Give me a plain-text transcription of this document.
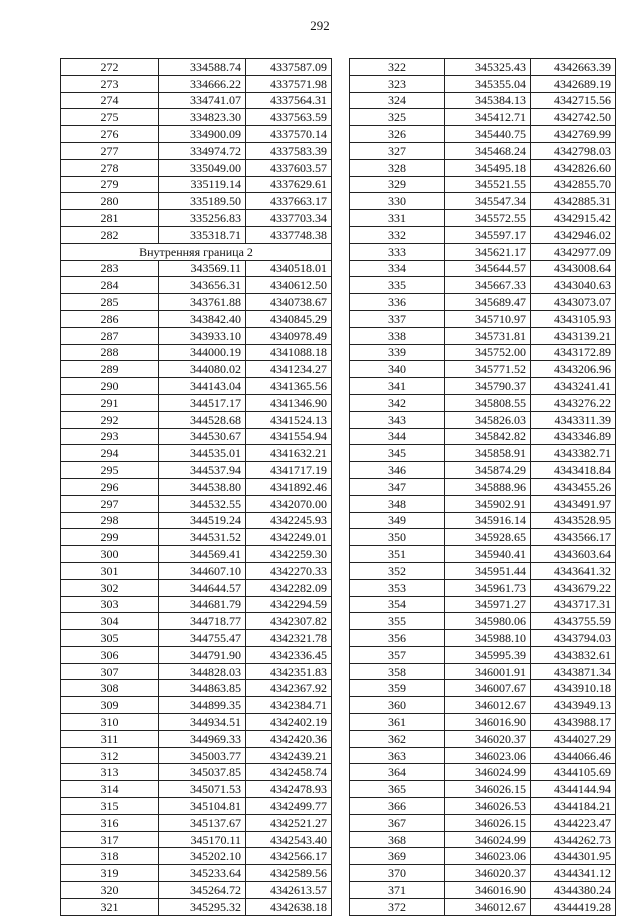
292
272	334588.74	4337587.09
273	334666.22	4337571.98
274	334741.07	4337564.31
275	334823.30	4337563.59
276	334900.09	4337570.14
277	334974.72	4337583.39
278	335049.00	4337603.57
279	335119.14	4337629.61
280	335189.50	4337663.17
281	335256.83	4337703.34
282	335318.71	4337748.38
Внутренняя граница 2		
283	343569.11	4340518.01
284	343656.31	4340612.50
285	343761.88	4340738.67
286	343842.40	4340845.29
287	343933.10	4340978.49
288	344000.19	4341088.18
289	344080.02	4341234.27
290	344143.04	4341365.56
291	344517.17	4341346.90
292	344528.68	4341524.13
293	344530.67	4341554.94
294	344535.01	4341632.21
295	344537.94	4341717.19
296	344538.80	4341892.46
297	344532.55	4342070.00
298	344519.24	4342245.93
299	344531.52	4342249.01
300	344569.41	4342259.30
301	344607.10	4342270.33
302	344644.57	4342282.09
303	344681.79	4342294.59
304	344718.77	4342307.82
305	344755.47	4342321.78
306	344791.90	4342336.45
307	344828.03	4342351.83
308	344863.85	4342367.92
309	344899.35	4342384.71
310	344934.51	4342402.19
311	344969.33	4342420.36
312	345003.77	4342439.21
313	345037.85	4342458.74
314	345071.53	4342478.93
315	345104.81	4342499.77
316	345137.67	4342521.27
317	345170.11	4342543.40
318	345202.10	4342566.17
319	345233.64	4342589.56
320	345264.72	4342613.57
321	345295.32	4342638.18
322	345325.43	4342663.39
323	345355.04	4342689.19
324	345384.13	4342715.56
325	345412.71	4342742.50
326	345440.75	4342769.99
327	345468.24	4342798.03
328	345495.18	4342826.60
329	345521.55	4342855.70
330	345547.34	4342885.31
331	345572.55	4342915.42
332	345597.17	4342946.02
333	345621.17	4342977.09
334	345644.57	4343008.64
335	345667.33	4343040.63
336	345689.47	4343073.07
337	345710.97	4343105.93
338	345731.81	4343139.21
339	345752.00	4343172.89
340	345771.52	4343206.96
341	345790.37	4343241.41
342	345808.55	4343276.22
343	345826.03	4343311.39
344	345842.82	4343346.89
345	345858.91	4343382.71
346	345874.29	4343418.84
347	345888.96	4343455.26
348	345902.91	4343491.97
349	345916.14	4343528.95
350	345928.65	4343566.17
351	345940.41	4343603.64
352	345951.44	4343641.32
353	345961.73	4343679.22
354	345971.27	4343717.31
355	345980.06	4343755.59
356	345988.10	4343794.03
357	345995.39	4343832.61
358	346001.91	4343871.34
359	346007.67	4343910.18
360	346012.67	4343949.13
361	346016.90	4343988.17
362	346020.37	4344027.29
363	346023.06	4344066.46
364	346024.99	4344105.69
365	346026.15	4344144.94
366	346026.53	4344184.21
367	346026.15	4344223.47
368	346024.99	4344262.73
369	346023.06	4344301.95
370	346020.37	4344341.12
371	346016.90	4344380.24
372	346012.67	4344419.28
